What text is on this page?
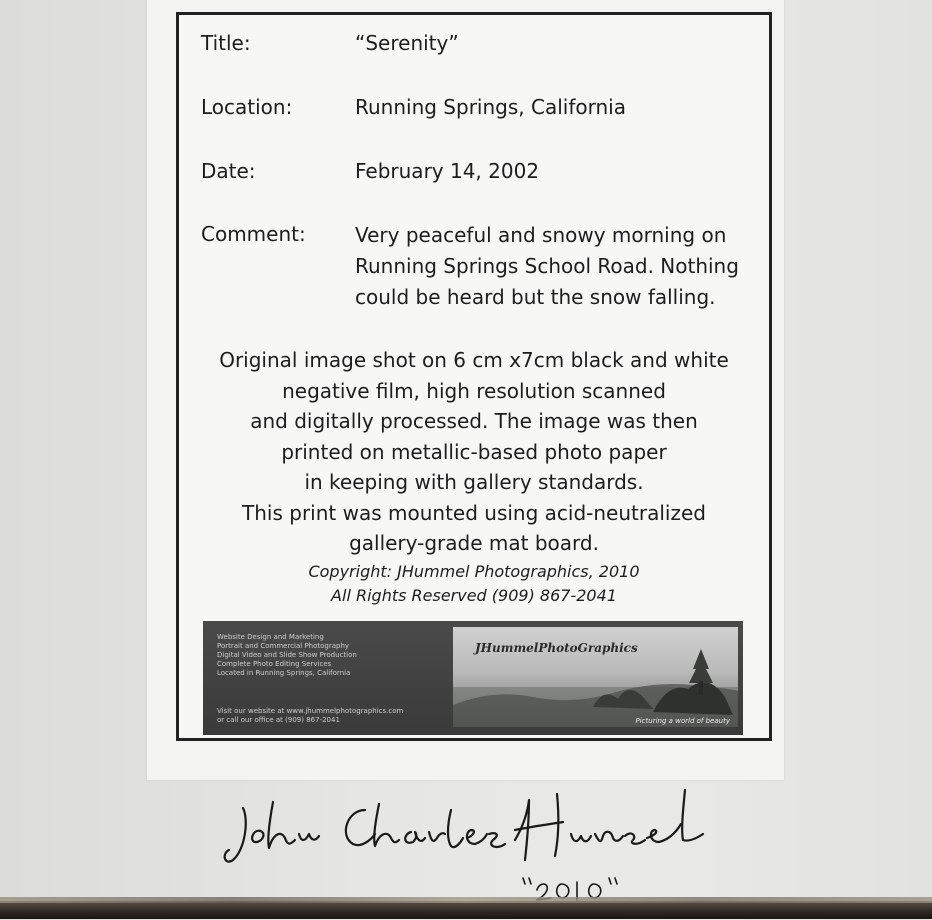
Title:	“Serenity”
Location:	Running Springs, California
Date:	February 14, 2002
Comment: Very peaceful and snowy morning on
Running Springs School Road. Nothing
could be heard but the snow falling.
Original image shot on 6 cm x7cm black and white
negative film, high resolution scanned
and digitally processed. The image was then
printed on metallic-based photo paper
in keeping with gallery standards.
This print was mounted using acid-neutralized
gallery-grade mat board.
Copyright: JHummel Photographics, 2010
All Rights Reserved (909) 867-2041
Website Design and Marketing
Portrait and Commercial Photography
Digital Video and Slide Show Production
Complete Photo Editing Services
Located in Running Springs, California
Visit our website at www.jhummelphotographics.com
or call our office at (909) 867-2041
JHummelPhotoGraphics
Picturing a world of beauty
